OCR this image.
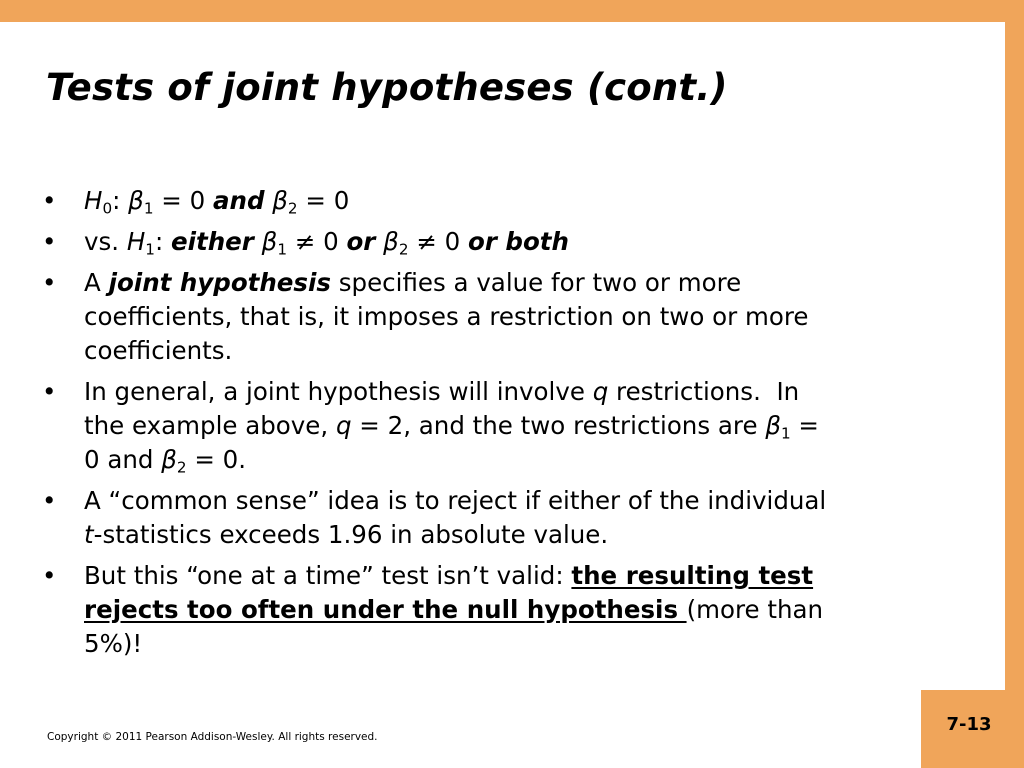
7-13
Tests of joint hypotheses (cont.)
• $H_0$: $\beta_1 = 0$ and $\beta_2 = 0$
• vs. $H_1$: either $\beta_1 \ne 0$ or $\beta_2 \ne 0$ or both
• A joint hypothesis specifies a value for two or more
coefficients, that is, it imposes a restriction on two or more
coefficients.
• In general, a joint hypothesis will involve q restrictions.  In
the example above, q = 2, and the two restrictions are $\beta_1$ =
0 and $\beta_2 = 0$.
• A “common sense” idea is to reject if either of the individual
t-statistics exceeds 1.96 in absolute value.
• But this “one at a time” test isn’t valid: the resulting test
rejects too often under the null hypothesis (more than
5%)!
Copyright © 2011 Pearson Addison-Wesley. All rights reserved.
